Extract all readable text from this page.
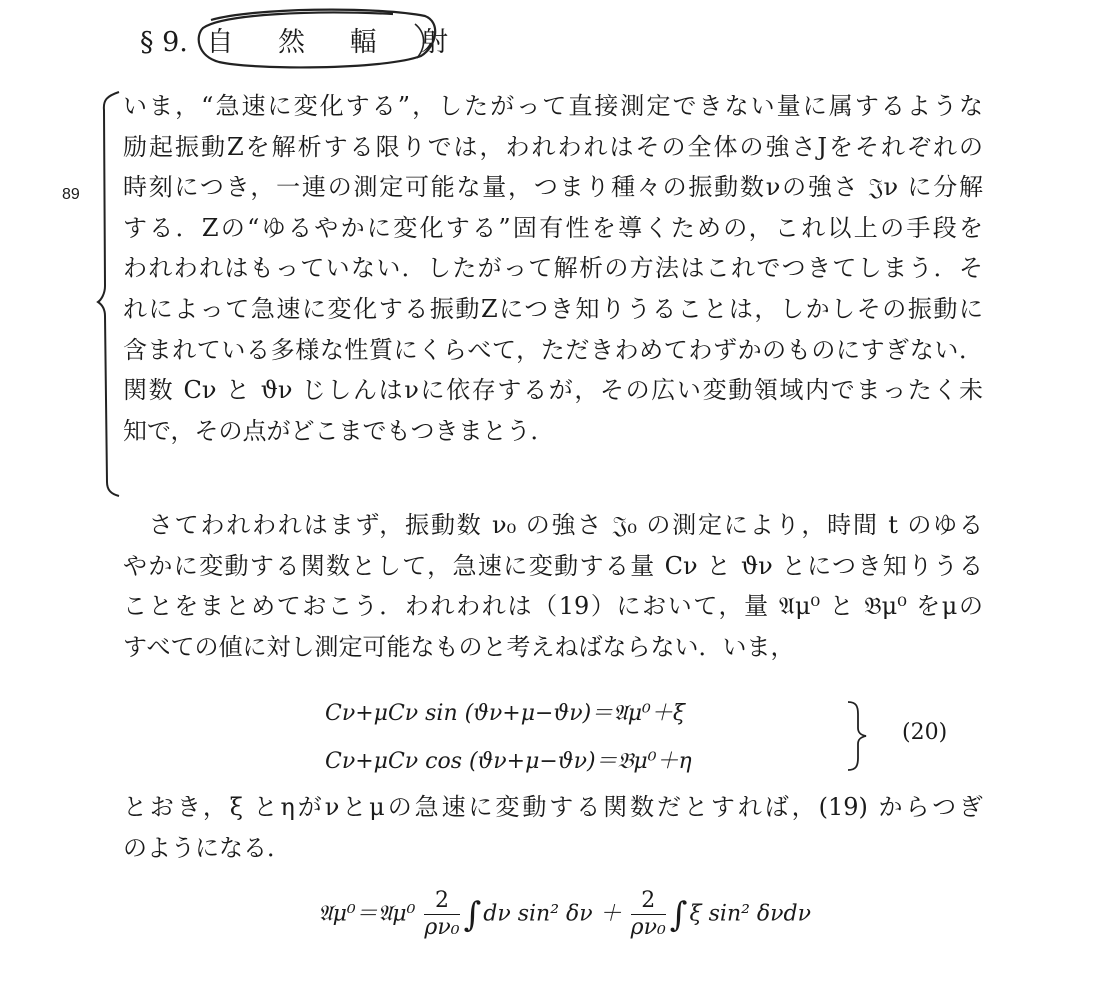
§ 9. 自 然 輻 射
89
いま，“急速に変化する”，したがって直接測定できない量に属するような
励起振動Zを解析する限りでは，われわれはその全体の強さJをそれぞれの
時刻につき，一連の測定可能な量，つまり種々の振動数νの強さ 𝔍ν に分解
する．Zの“ゆるやかに変化する”固有性を導くための，これ以上の手段を
われわれはもっていない．したがって解析の方法はこれでつきてしまう．そ
れによって急速に変化する振動Zにつき知りうることは，しかしその振動に
含まれている多様な性質にくらべて，ただきわめてわずかのものにすぎない．
関数 Cν と ϑν じしんはνに依存するが，その広い変動領域内でまったく未
知で，その点がどこまでもつきまとう．
　さてわれわれはまず，振動数 ν₀ の強さ 𝔍₀ の測定により，時間 t のゆる
やかに変動する関数として，急速に変動する量 Cν と ϑν とにつき知りうる
ことをまとめておこう．われわれは（19）において，量 𝔄μ⁰ と 𝔅μ⁰ をμの
すべての値に対し測定可能なものと考えねばならない．いま，
Cν+μCν sin (ϑν+μ−ϑν)＝𝔄μ⁰＋ξ
Cν+μCν cos (ϑν+μ−ϑν)＝𝔅μ⁰＋η
(20)
とおき，ξ とηがνとμの急速に変動する関数だとすれば，(19) からつぎ
のようになる．
𝔄μ⁰＝𝔄μ⁰ $\frac{2}{\text{ρν₀}} \int d\nu$ sin² $\delta\nu + \frac{2}{\text{ρν₀}} \int\xi$ sin² δνdν
